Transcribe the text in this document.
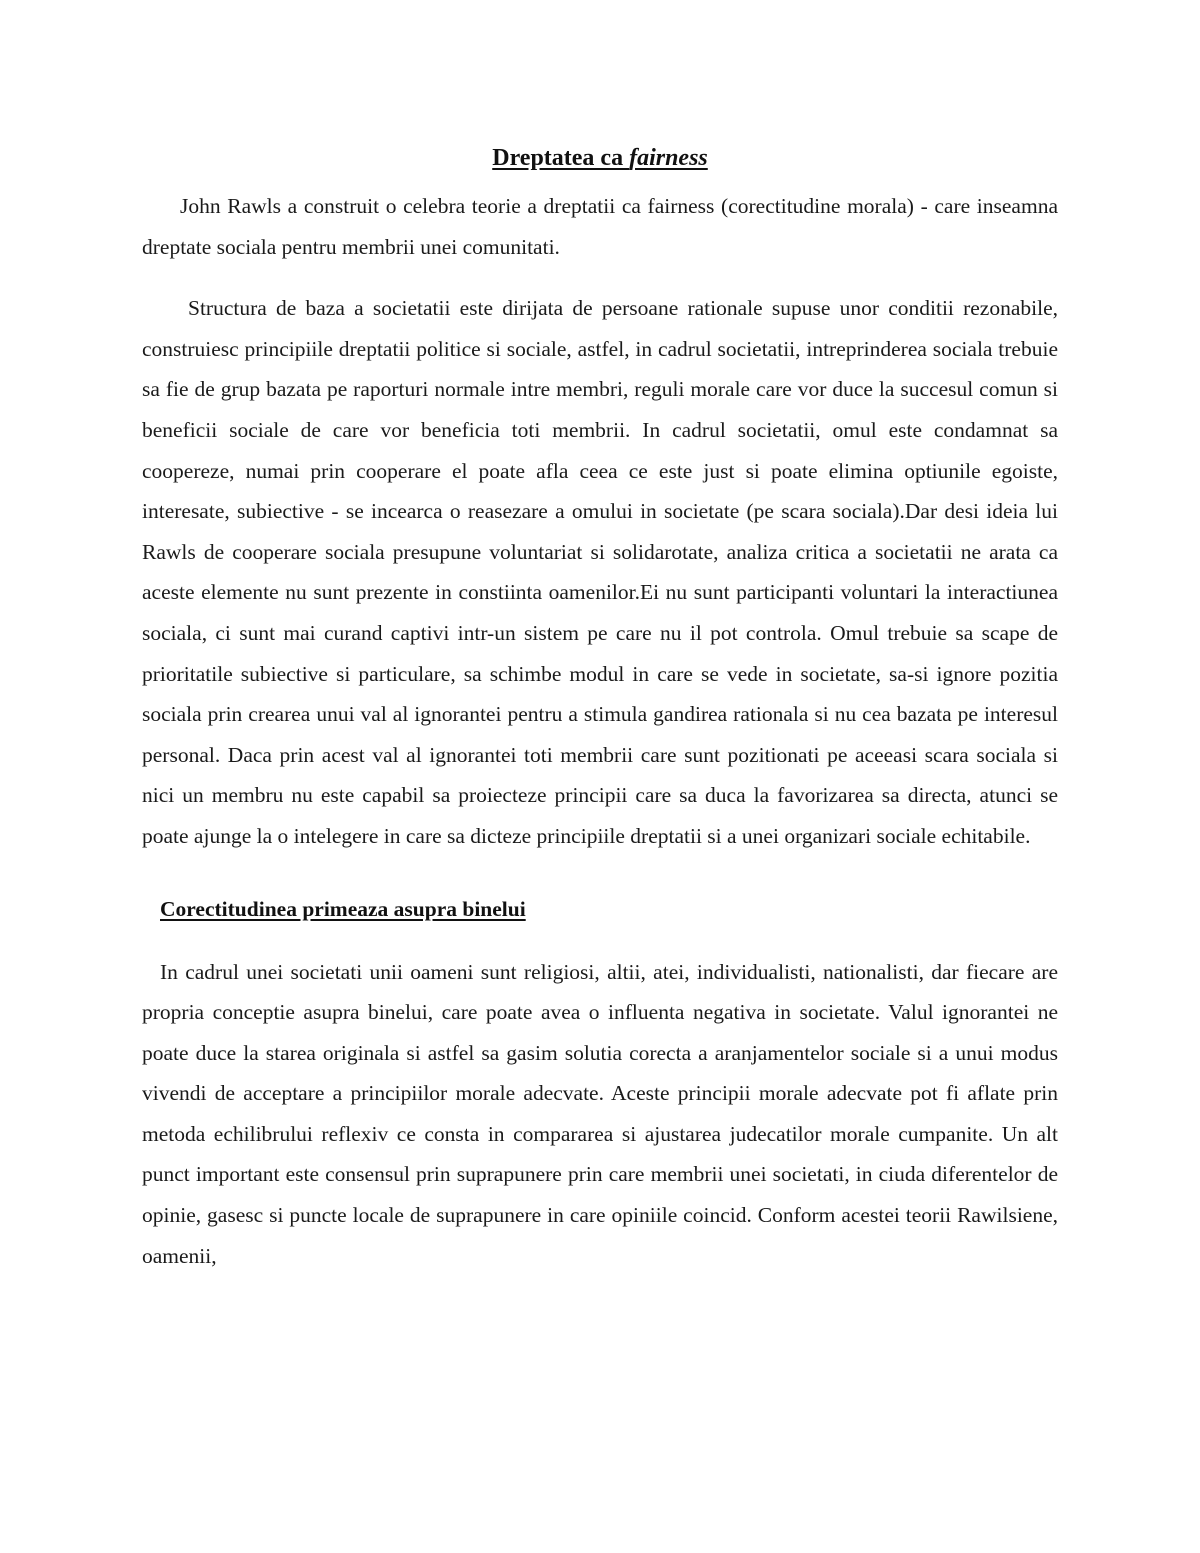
Dreptatea ca fairness

John Rawls a construit o celebra teorie a dreptatii ca fairness (corectitudine morala) - care inseamna dreptate sociala pentru membrii unei comunitati.

Structura de baza a societatii este dirijata de persoane rationale supuse unor conditii rezonabile, construiesc principiile dreptatii politice si sociale, astfel, in cadrul societatii, intreprinderea sociala trebuie sa fie de grup bazata pe raporturi normale intre membri, reguli morale care vor duce la succesul comun si beneficii sociale de care vor beneficia toti membrii. In cadrul societatii, omul este condamnat sa coopereze, numai prin cooperare el poate afla ceea ce este just si poate elimina optiunile egoiste, interesate, subiective - se incearca o reasezare a omului in societate (pe scara sociala).Dar desi ideia lui Rawls de cooperare sociala presupune voluntariat si solidarotate, analiza critica a societatii ne arata ca aceste elemente nu sunt prezente in constiinta oamenilor.Ei nu sunt participanti voluntari la interactiunea sociala, ci sunt mai curand captivi intr-un sistem pe care nu il pot controla. Omul trebuie sa scape de prioritatile subiective si particulare, sa schimbe modul in care se vede in societate, sa-si ignore pozitia sociala prin crearea unui val al ignorantei pentru a stimula gandirea rationala si nu cea bazata pe interesul personal. Daca prin acest val al ignorantei toti membrii care sunt pozitionati pe aceeasi scara sociala si nici un membru nu este capabil sa proiecteze principii care sa duca la favorizarea sa directa, atunci se poate ajunge la o intelegere in care sa dicteze principiile dreptatii si a unei organizari sociale echitabile.

Corectitudinea primeaza asupra binelui

In cadrul unei societati unii oameni sunt religiosi, altii, atei, individualisti, nationalisti, dar fiecare are propria conceptie asupra binelui, care poate avea o influenta negativa in societate. Valul ignorantei ne poate duce la starea originala si astfel sa gasim solutia corecta a aranjamentelor sociale si a unui modus vivendi de acceptare a principiilor morale adecvate. Aceste principii morale adecvate pot fi aflate prin metoda echilibrului reflexiv ce consta in compararea si ajustarea judecatilor morale cumpanite. Un alt punct important este consensul prin suprapunere prin care membrii unei societati, in ciuda diferentelor de opinie, gasesc si puncte locale de suprapunere in care opiniile coincid. Conform acestei teorii Rawilsiene, oamenii,
